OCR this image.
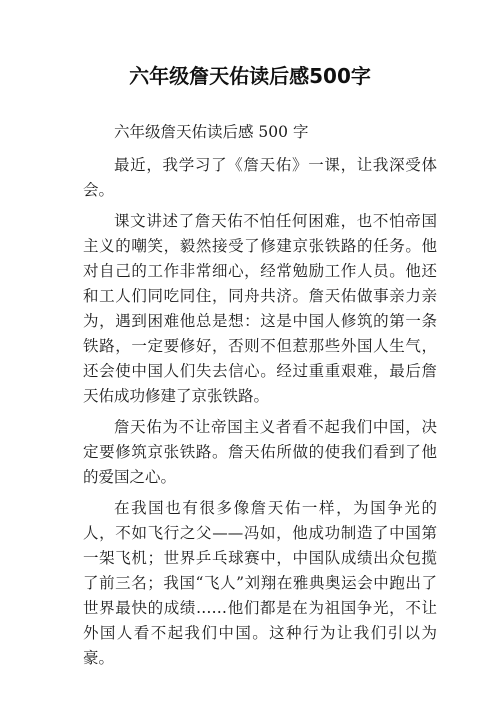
六年级詹天佑读后感500字

六年级詹天佑读后感 500 字

最近，我学习了《詹天佑》一课，让我深受体会。

课文讲述了詹天佑不怕任何困难，也不怕帝国主义的嘲笑，毅然接受了修建京张铁路的任务。他对自己的工作非常细心，经常勉励工作人员。他还和工人们同吃同住，同舟共济。詹天佑做事亲力亲为，遇到困难他总是想：这是中国人修筑的第一条铁路，一定要修好，否则不但惹那些外国人生气，还会使中国人们失去信心。经过重重艰难，最后詹天佑成功修建了京张铁路。

詹天佑为不让帝国主义者看不起我们中国，决定要修筑京张铁路。詹天佑所做的使我们看到了他的爱国之心。

在我国也有很多像詹天佑一样，为国争光的人，不如飞行之父——冯如，他成功制造了中国第一架飞机；世界乒乓球赛中，中国队成绩出众包揽了前三名；我国“飞人”刘翔在雅典奥运会中跑出了世界最快的成绩……他们都是在为祖国争光，不让外国人看不起我们中国。这种行为让我们引以为豪。
